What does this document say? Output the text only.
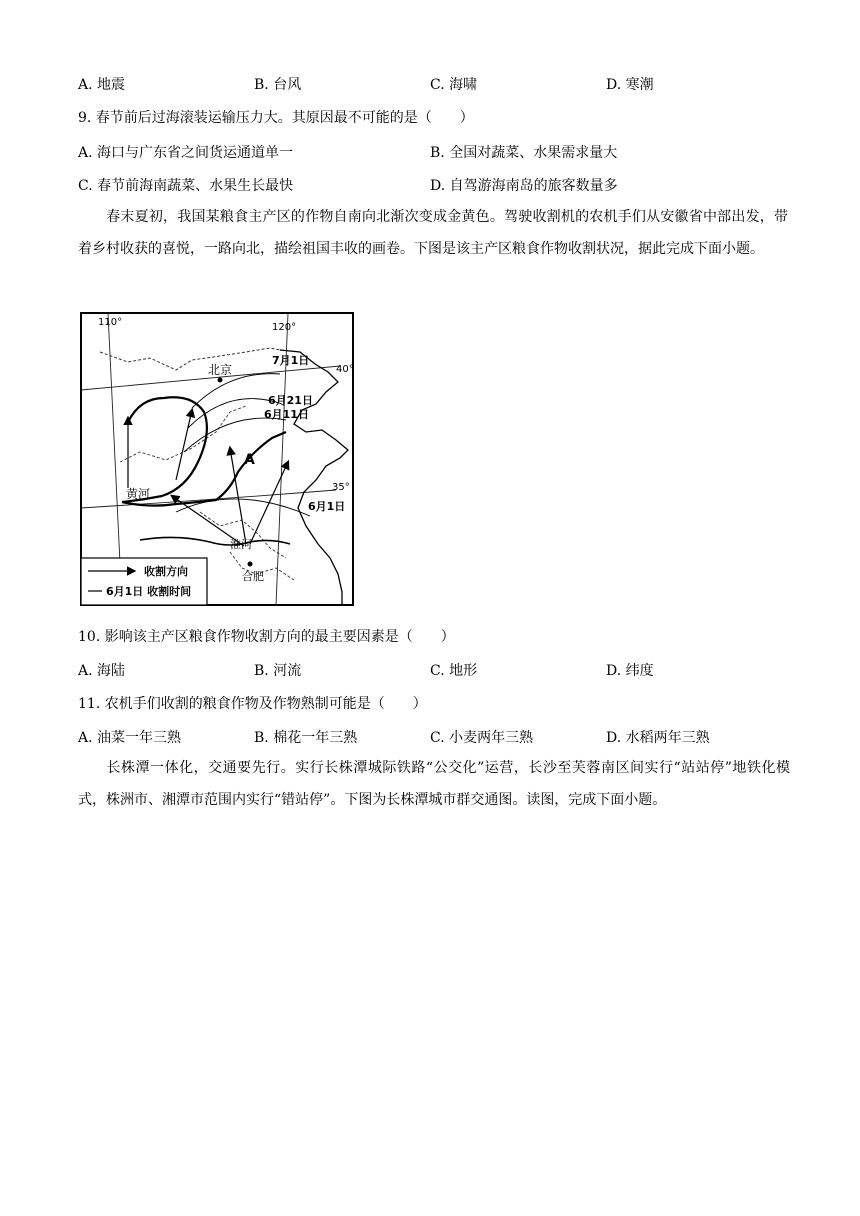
A. 地震	B. 台风	C. 海啸	D. 寒潮
9. 春节前后过海滚装运输压力大。其原因最不可能的是（　　）
A. 海口与广东省之间货运通道单一	B. 全国对蔬菜、水果需求量大
C. 春节前海南蔬菜、水果生长最快	D. 自驾游海南岛的旅客数量多
春末夏初，我国某粮食主产区的作物自南向北渐次变成金黄色。驾驶收割机的农机手们从安徽省中部出发，带着乡村收获的喜悦，一路向北，描绘祖国丰收的画卷。下图是该主产区粮食作物收割状况，据此完成下面小题。
110°	120°
40°
35°
7月1日
6月21日
6月11日
6月1日
北京
A
黄河
淮河
合肥
收割方向
6月1日 收割时间
10. 影响该主产区粮食作物收割方向的最主要因素是（　　）
A. 海陆	B. 河流	C. 地形	D. 纬度
11. 农机手们收割的粮食作物及作物熟制可能是（　　）
A. 油菜一年三熟	B. 棉花一年三熟	C. 小麦两年三熟	D. 水稻两年三熟
长株潭一体化，交通要先行。实行长株潭城际铁路“公交化”运营，长沙至芙蓉南区间实行“站站停”地铁化模式，株洲市、湘潭市范围内实行“错站停”。下图为长株潭城市群交通图。读图，完成下面小题。
